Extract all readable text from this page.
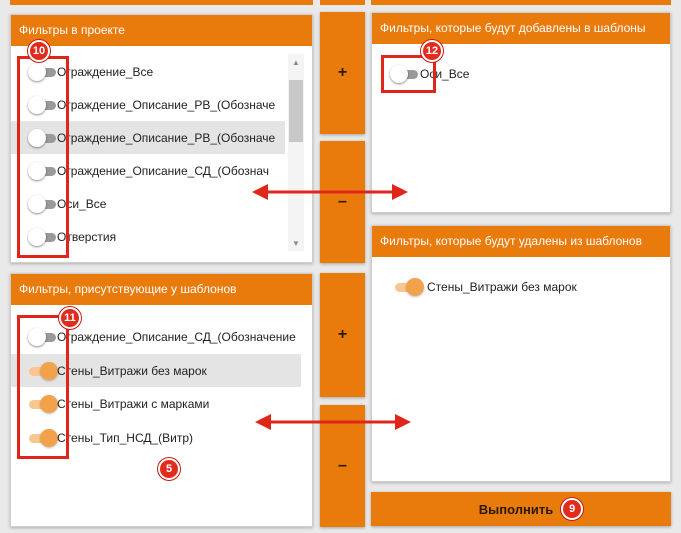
Фильтры в проекте
Ограждение_Все
Ограждение_Описание_РВ_(Обозначе
Ограждение_Описание_РВ_(Обозначе
Ограждение_Описание_СД_(Обознач
Оси_Все
Отверстия
▲
▼
Фильтры, присутствующие у шаблонов
Ограждение_Описание_СД_(Обозначение
Стены_Витражи без марок
Стены_Витражи с марками
Стены_Тип_НСД_(Витр)
Фильтры, которые будут добавлены в шаблоны
Оси_Все
Фильтры, которые будут удалены из шаблонов
Стены_Витражи без марок
+
–
+
–
Выполнить	9
10
11
12
5
